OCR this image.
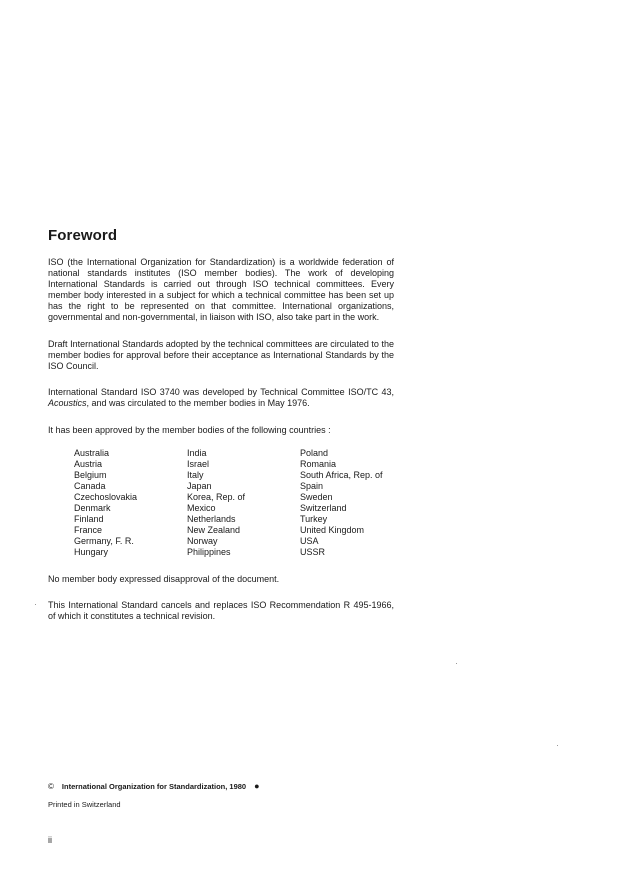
Foreword

ISO (the International Organization for Standardization) is a worldwide federation of national standards institutes (ISO member bodies). The work of developing International Standards is carried out through ISO technical committees. Every member body interested in a subject for which a technical committee has been set up has the right to be represented on that committee. International organizations, governmental and non-governmental, in liaison with ISO, also take part in the work.

Draft International Standards adopted by the technical committees are circulated to the member bodies for approval before their acceptance as International Standards by the ISO Council.

International Standard ISO 3740 was developed by Technical Committee ISO/TC 43, Acoustics, and was circulated to the member bodies in May 1976.

It has been approved by the member bodies of the following countries :

Australia
Austria
Belgium
Canada
Czechoslovakia
Denmark
Finland
France
Germany, F. R.
Hungary
India
Israel
Italy
Japan
Korea, Rep. of
Mexico
Netherlands
New Zealand
Norway
Philippines
Poland
Romania
South Africa, Rep. of
Spain
Sweden
Switzerland
Turkey
United Kingdom
USA
USSR

No member body expressed disapproval of the document.

This International Standard cancels and replaces ISO Recommendation R 495-1966, of which it constitutes a technical revision.

© International Organization for Standardization, 1980 ●
Printed in Switzerland
ii
